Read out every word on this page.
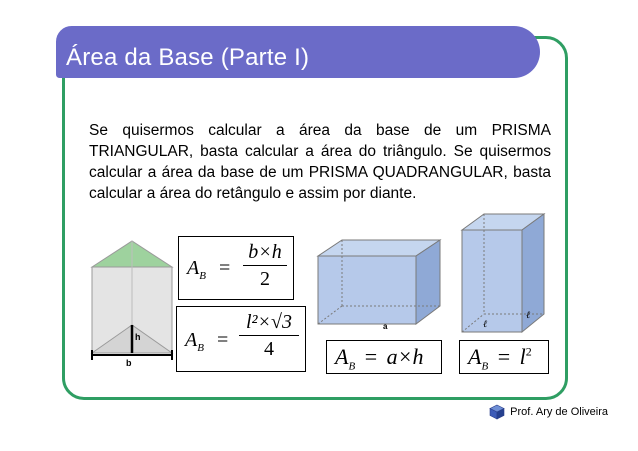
Área da Base (Parte I)
Se quisermos calcular a área da base de um PRISMA TRIANGULAR, basta calcular a área do triângulo. Se quisermos calcular a área da base de um PRISMA QUADRANGULAR, basta calcular a área do retângulo e assim por diante.
h
b
$A_B$ =
b×h
2
$A_B$ =
l²×√3
4
a	ℓ
ℓ
$A_B = a\times h$ $A_B = l^2$
Prof. Ary de Oliveira
